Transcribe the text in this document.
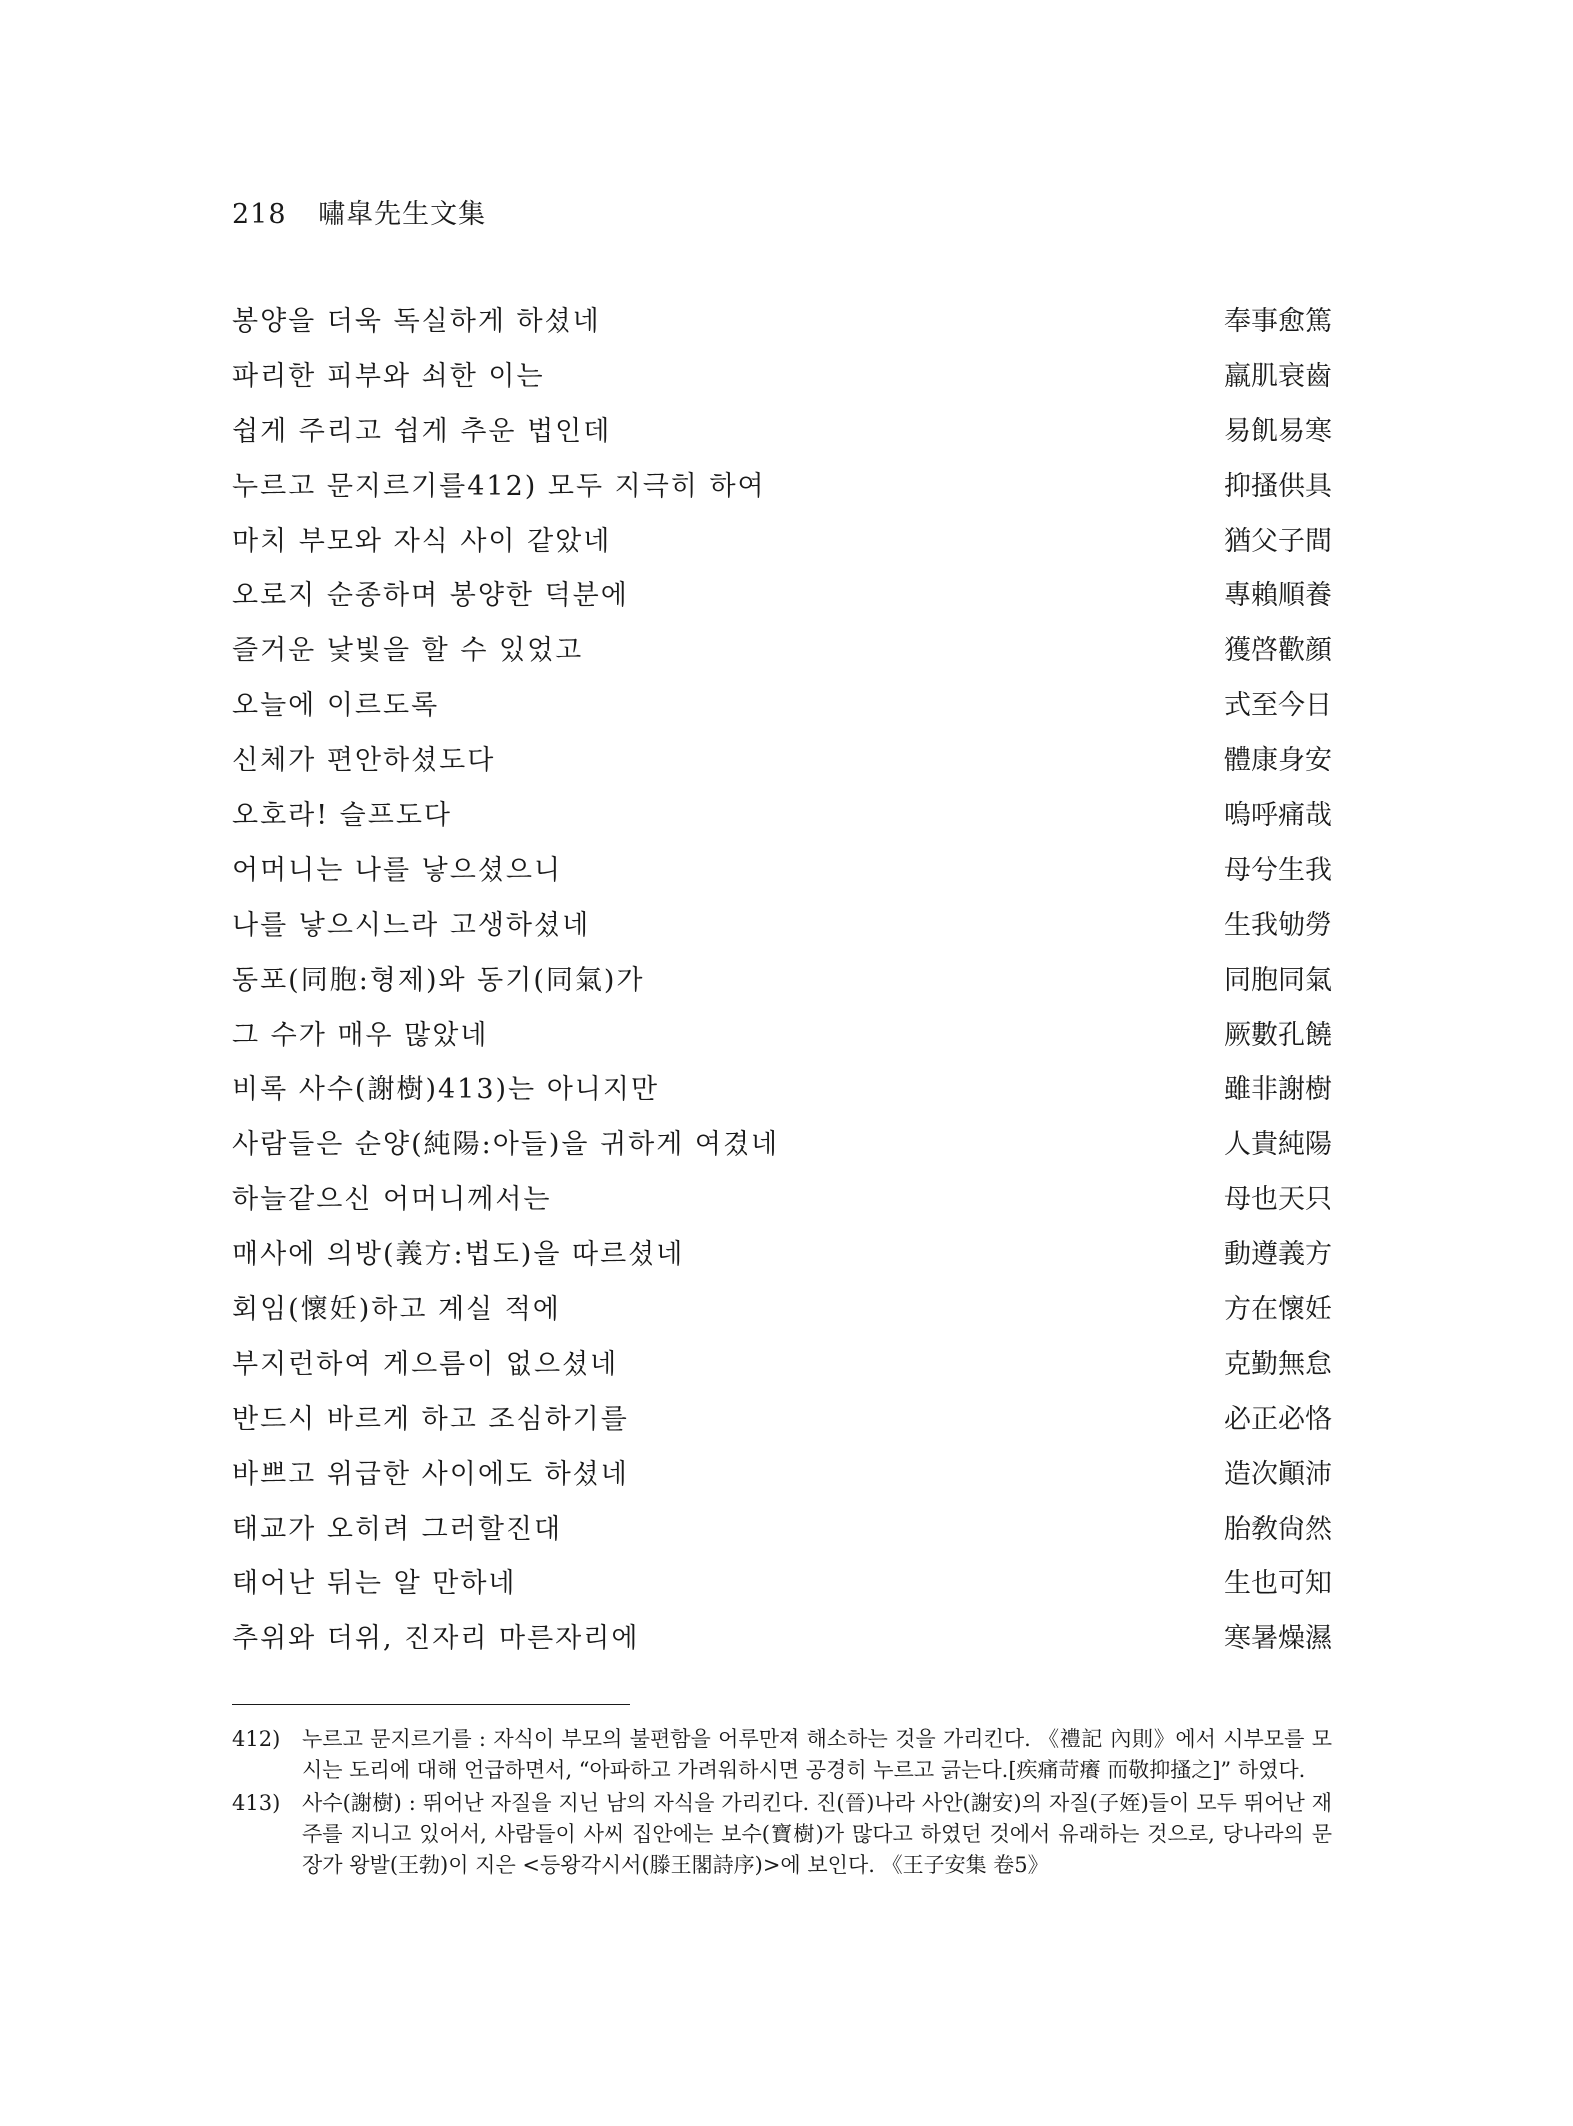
218 嘯皐先生文集
봉양을 더욱 독실하게 하셨네	奉事愈篤
파리한 피부와 쇠한 이는	羸肌衰齒
쉽게 주리고 쉽게 추운 법인데	易飢易寒
누르고 문지르기를412) 모두 지극히 하여	抑搔供具
마치 부모와 자식 사이 같았네	猶父子間
오로지 순종하며 봉양한 덕분에	專賴順養
즐거운 낯빛을 할 수 있었고	獲啓歡顔
오늘에 이르도록	式至今日
신체가 편안하셨도다	體康身安
오호라! 슬프도다	嗚呼痛哉
어머니는 나를 낳으셨으니	母兮生我
나를 낳으시느라 고생하셨네	生我劬勞
동포(同胞:형제)와 동기(同氣)가	同胞同氣
그 수가 매우 많았네	厥數孔饒
비록 사수(謝樹)413)는 아니지만	雖非謝樹
사람들은 순양(純陽:아들)을 귀하게 여겼네	人貴純陽
하늘같으신 어머니께서는	母也天只
매사에 의방(義方:법도)을 따르셨네	動遵義方
회임(懷妊)하고 계실 적에	方在懷妊
부지런하여 게으름이 없으셨네	克勤無怠
반드시 바르게 하고 조심하기를	必正必恪
바쁘고 위급한 사이에도 하셨네	造次顚沛
태교가 오히려 그러할진대	胎敎尙然
태어난 뒤는 알 만하네	生也可知
추위와 더위, 진자리 마른자리에	寒暑燥濕
412)	누르고 문지르기를 : 자식이 부모의 불편함을 어루만져 해소하는 것을 가리킨다. 《禮記 內則》에서 시부모를 모시는 도리에 대해 언급하면서, “아파하고 가려워하시면 공경히 누르고 긁는다.[疾痛苛癢 而敬抑搔之]” 하였다.
413)	사수(謝樹) : 뛰어난 자질을 지닌 남의 자식을 가리킨다. 진(晉)나라 사안(謝安)의 자질(子姪)들이 모두 뛰어난 재주를 지니고 있어서, 사람들이 사씨 집안에는 보수(寶樹)가 많다고 하였던 것에서 유래하는 것으로, 당나라의 문장가 왕발(王勃)이 지은 <등왕각시서(滕王閣詩序)>에 보인다. 《王子安集 卷5》
